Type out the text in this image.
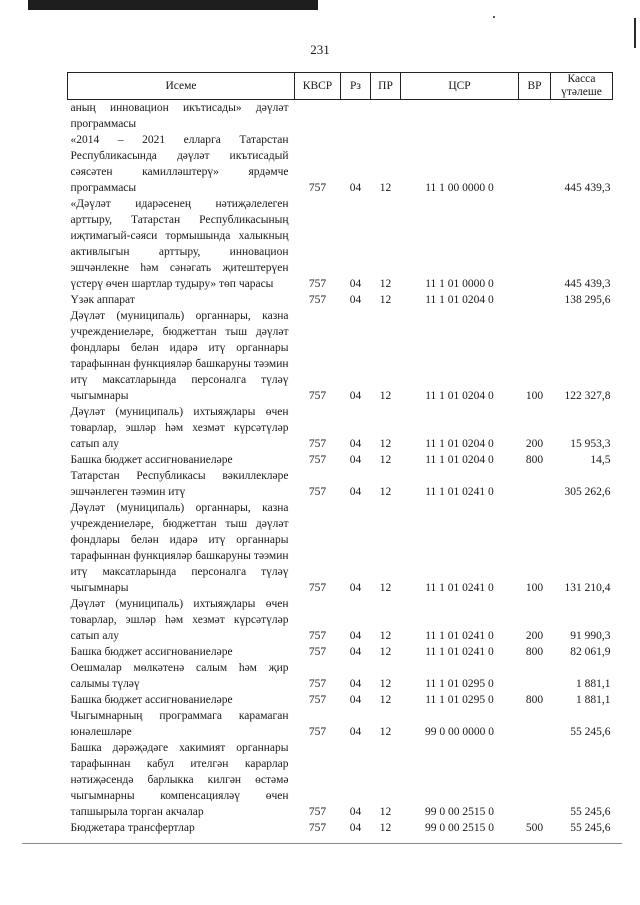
231
Исеме	КВСР	Рз	ПР	ЦСР	ВР	Касса үтәлеше
аның инновацион икътисады» дәүләт программасы						
«2014 – 2021 елларга Татарстан Республикасында дәүләт икътисадый сәясәтен камилләштерү» ярдәмче программасы	757	04	12	11 1 00 0000 0		445 439,3
«Дәүләт идарәсенең нәтиҗәлелеген арттыру, Татарстан Республикасының иҗтимагый-сәяси тормышында халыкның активлыгын арттыру, инновацион эшчәнлекне һәм сәнәгать җитештерүен үстерү өчен шартлар тудыру» төп чарасы	757	04	12	11 1 01 0000 0		445 439,3
Үзәк аппарат	757	04	12	11 1 01 0204 0		138 295,6
Дәүләт (муниципаль) органнары, казна учреждениеләре, бюджеттан тыш дәүләт фондлары белән идарә итү органнары тарафыннан функцияләр башкаруны тәэмин итү максатларында персоналга түләү чыгымнары	757	04	12	11 1 01 0204 0	100	122 327,8
Дәүләт (муниципаль) ихтыяҗлары өчен товарлар, эшләр һәм хезмәт күрсәтүләр сатып алу	757	04	12	11 1 01 0204 0	200	15 953,3
Башка бюджет ассигнованиеләре	757	04	12	11 1 01 0204 0	800	14,5
Татарстан Республикасы вәкиллекләре эшчәнлеген тәэмин итү	757	04	12	11 1 01 0241 0		305 262,6
Дәүләт (муниципаль) органнары, казна учреждениеләре, бюджеттан тыш дәүләт фондлары белән идарә итү органнары тарафыннан функцияләр башкаруны тәэмин итү максатларында персоналга түләү чыгымнары	757	04	12	11 1 01 0241 0	100	131 210,4
Дәүләт (муниципаль) ихтыяҗлары өчен товарлар, эшләр һәм хезмәт күрсәтүләр сатып алу	757	04	12	11 1 01 0241 0	200	91 990,3
Башка бюджет ассигнованиеләре	757	04	12	11 1 01 0241 0	800	82 061,9
Оешмалар мөлкәтенә салым һәм җир салымы түләү	757	04	12	11 1 01 0295 0		1 881,1
Башка бюджет ассигнованиеләре	757	04	12	11 1 01 0295 0	800	1 881,1
Чыгымнарның программага карамаган юнәлешләре	757	04	12	99 0 00 0000 0		55 245,6
Башка дәрәҗәдәге хакимият органнары тарафыннан кабул ителгән карарлар нәтиҗәсендә барлыкка килгән өстәмә чыгымнарны компенсацияләү өчен тапшырыла торган акчалар	757	04	12	99 0 00 2515 0		55 245,6
Бюджетара трансфертлар	757	04	12	99 0 00 2515 0	500	55 245,6
